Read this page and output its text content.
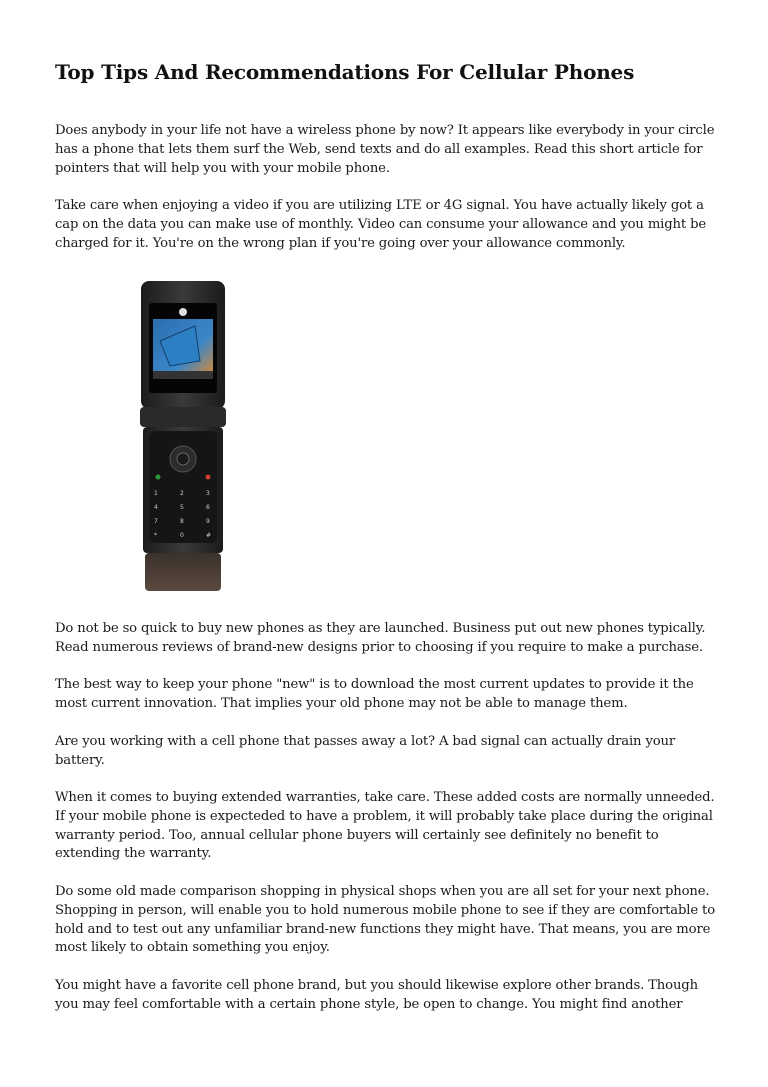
Top Tips And Recommendations For Cellular Phones

Does anybody in your life not have a wireless phone by now? It appears like everybody in your circle has a phone that lets them surf the Web, send texts and do all examples. Read this short article for pointers that will help you with your mobile phone.

Take care when enjoying a video if you are utilizing LTE or 4G signal. You have actually likely got a cap on the data you can make use of monthly. Video can consume your allowance and you might be charged for it. You're on the wrong plan if you're going over your allowance commonly.

Do not be so quick to buy new phones as they are launched. Business put out new phones typically. Read numerous reviews of brand-new designs prior to choosing if you require to make a purchase.

The best way to keep your phone "new" is to download the most current updates to provide it the most current innovation. That implies your old phone may not be able to manage them.

Are you working with a cell phone that passes away a lot? A bad signal can actually drain your battery.

When it comes to buying extended warranties, take care. These added costs are normally unneeded. If your mobile phone is expecteded to have a problem, it will probably take place during the original warranty period. Too, annual cellular phone buyers will certainly see definitely no benefit to extending the warranty.

Do some old made comparison shopping in physical shops when you are all set for your next phone. Shopping in person, will enable you to hold numerous mobile phone to see if they are comfortable to hold and to test out any unfamiliar brand-new functions they might have. That means, you are more most likely to obtain something you enjoy.

You might have a favorite cell phone brand, but you should likewise explore other brands. Though you may feel comfortable with a certain phone style, be open to change. You might find another

1	2	3
4	5	6
7	8	9
*	0	#
